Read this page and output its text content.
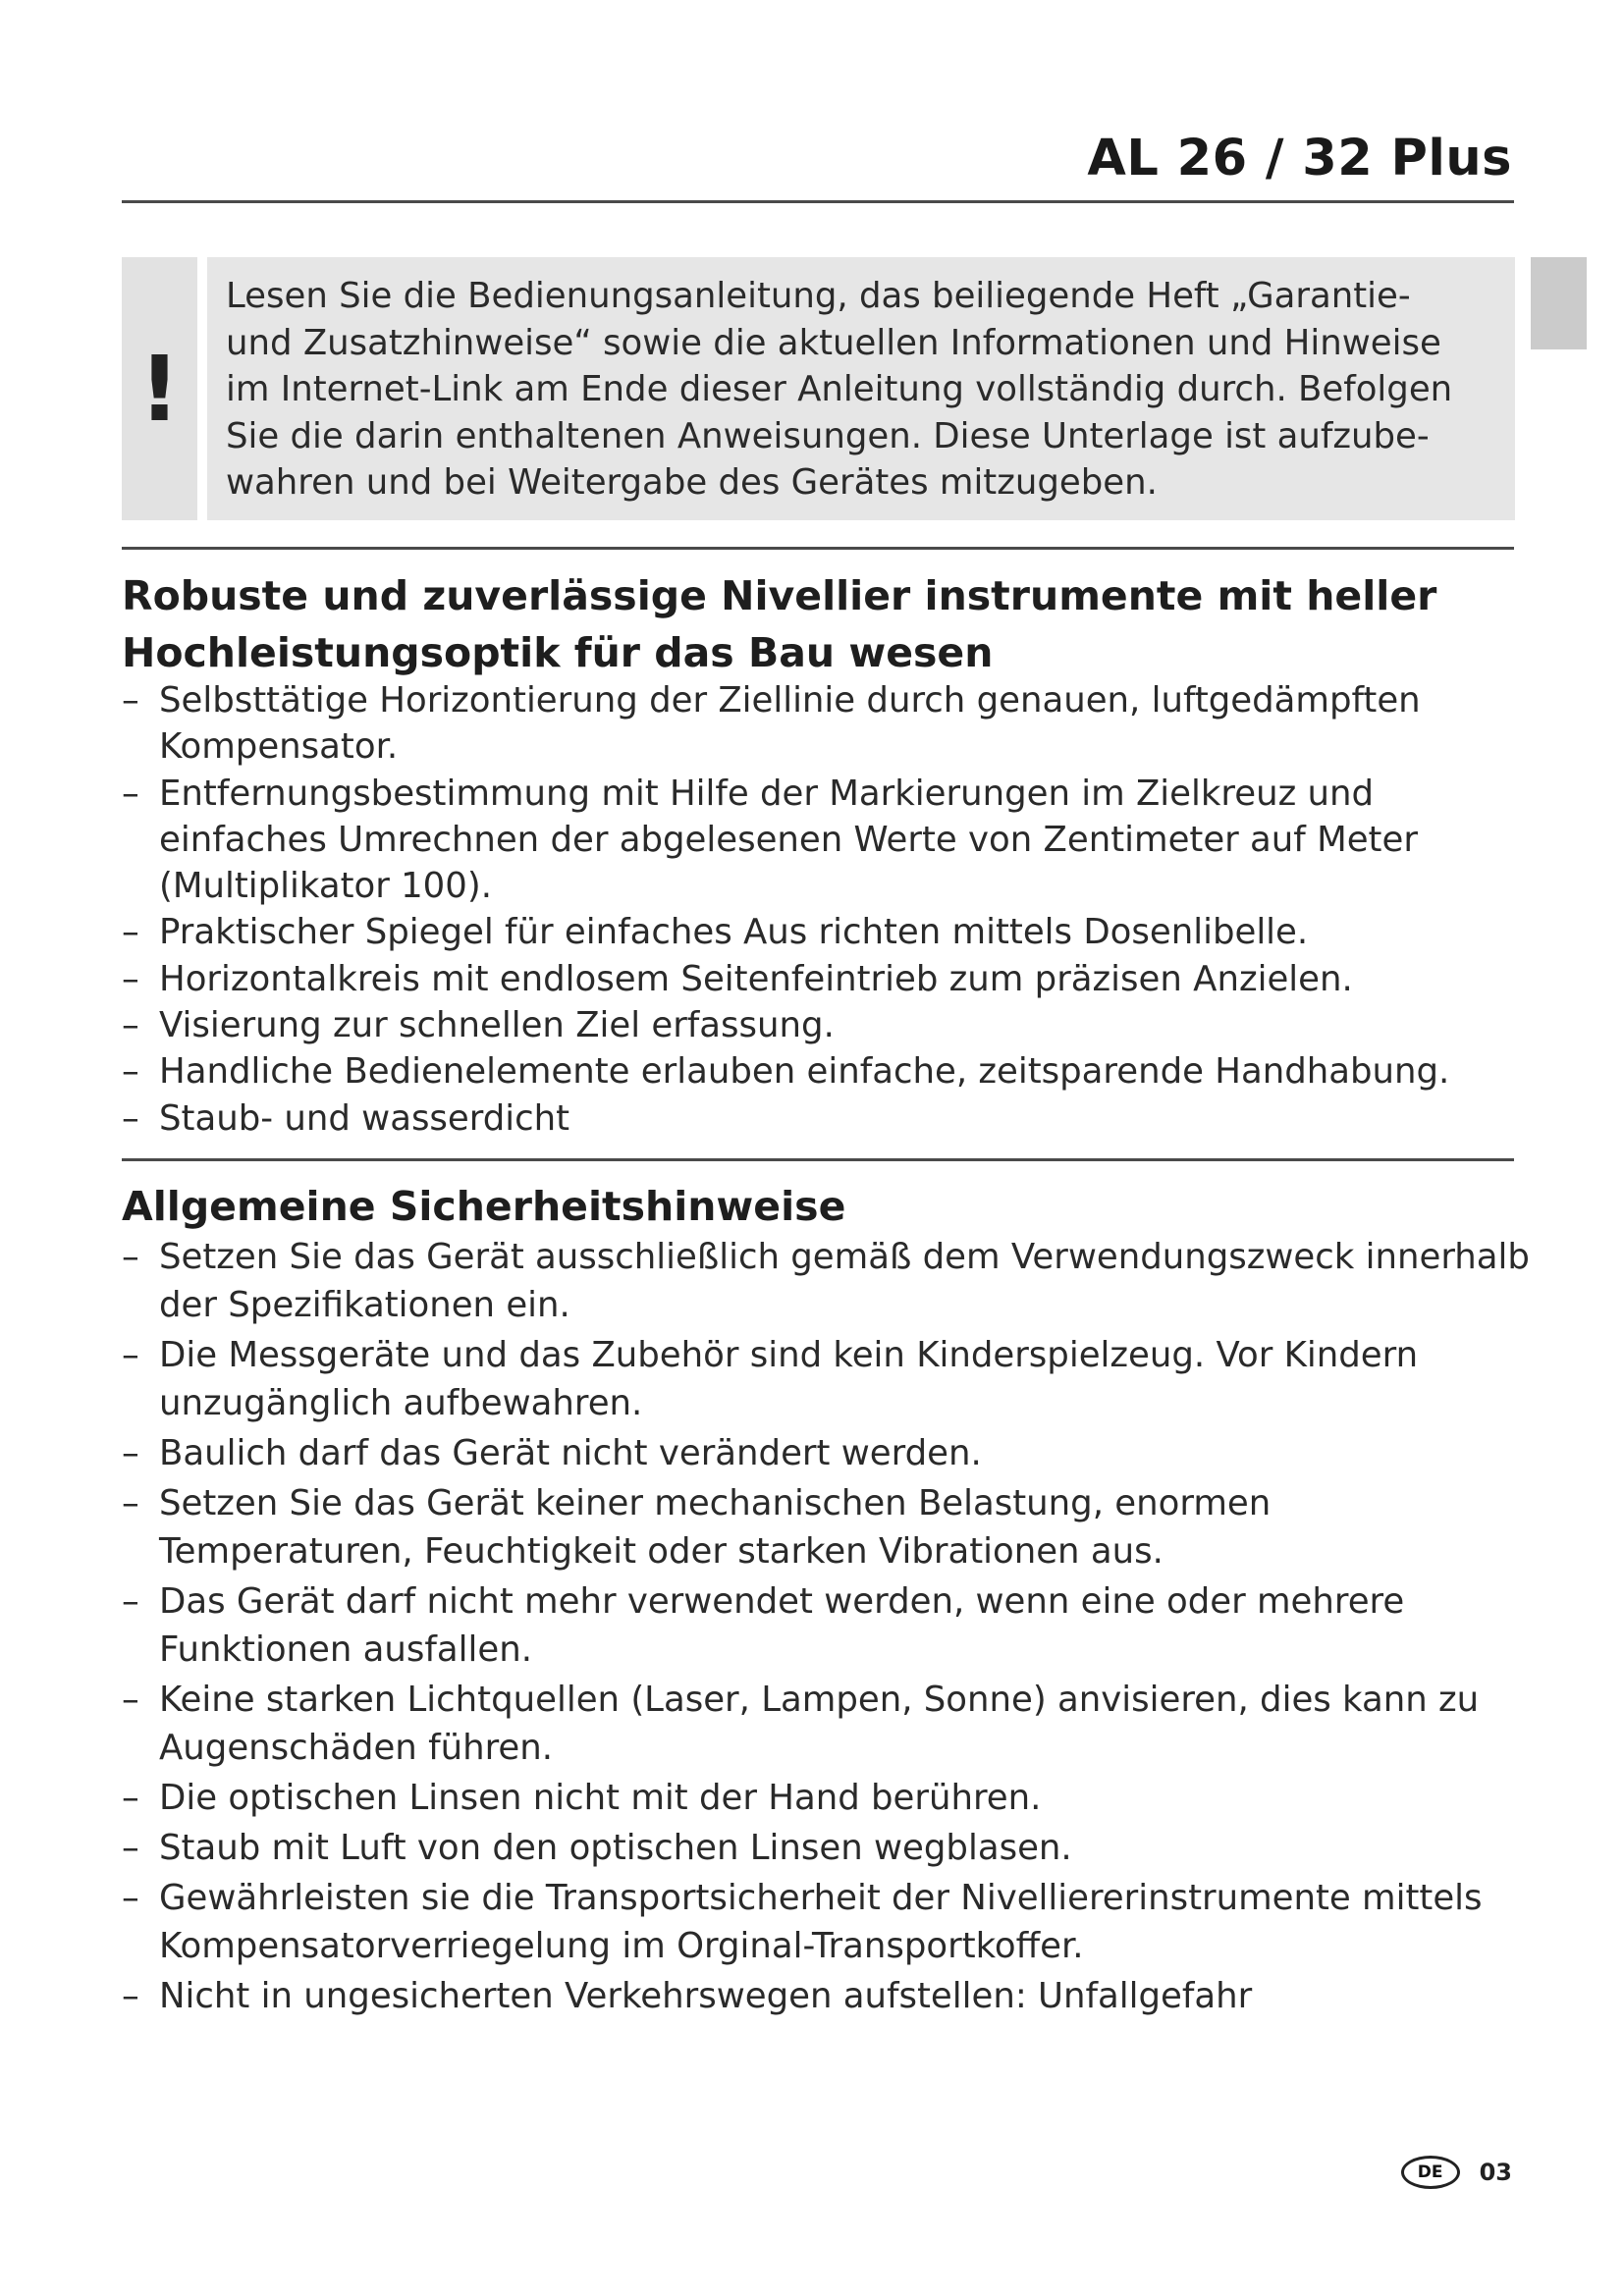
AL 26 / 32 Plus
!
Lesen Sie die Bedienungsanleitung, das beiliegende Heft „Garantie-
und Zusatzhinweise“ sowie die aktuellen Informationen und Hinweise
im Internet-Link am Ende dieser Anleitung vollständig durch. Befolgen
Sie die darin enthaltenen Anweisungen. Diese Unterlage ist aufzube-
wahren und bei Weitergabe des Gerätes mitzugeben.
Robuste und zuverlässige Nivellier instrumente mit heller
Hochleistungsoptik für das Bau wesen
– Selbsttätige Horizontierung der Ziellinie durch genauen, luftgedämpften Kompensator.
– Entfernungsbestimmung mit Hilfe der Markierungen im Zielkreuz und einfaches Umrechnen der abgelesenen Werte von Zentimeter auf Meter (Multiplikator 100).
– Praktischer Spiegel für einfaches Aus richten mittels Dosenlibelle.
– Horizontalkreis mit endlosem Seitenfeintrieb zum präzisen Anzielen.
– Visierung zur schnellen Ziel erfassung.
– Handliche Bedienelemente erlauben einfache, zeitsparende Handhabung.
– Staub- und wasserdicht
Allgemeine Sicherheitshinweise
– Setzen Sie das Gerät ausschließlich gemäß dem Verwendungszweck innerhalb der Spezifikationen ein.
– Die Messgeräte und das Zubehör sind kein Kinderspielzeug. Vor Kindern unzugänglich aufbewahren.
– Baulich darf das Gerät nicht verändert werden.
– Setzen Sie das Gerät keiner mechanischen Belastung, enormen Temperaturen, Feuchtigkeit oder starken Vibrationen aus.
– Das Gerät darf nicht mehr verwendet werden, wenn eine oder mehrere Funktionen ausfallen.
– Keine starken Lichtquellen (Laser, Lampen, Sonne) anvisieren, dies kann zu Augenschäden führen.
– Die optischen Linsen nicht mit der Hand berühren.
– Staub mit Luft von den optischen Linsen wegblasen.
– Gewährleisten sie die Transportsicherheit der Nivelliererinstrumente mittels Kompensatorverriegelung im Orginal-Transportkoffer.
– Nicht in ungesicherten Verkehrswegen aufstellen: Unfallgefahr
DE	03
